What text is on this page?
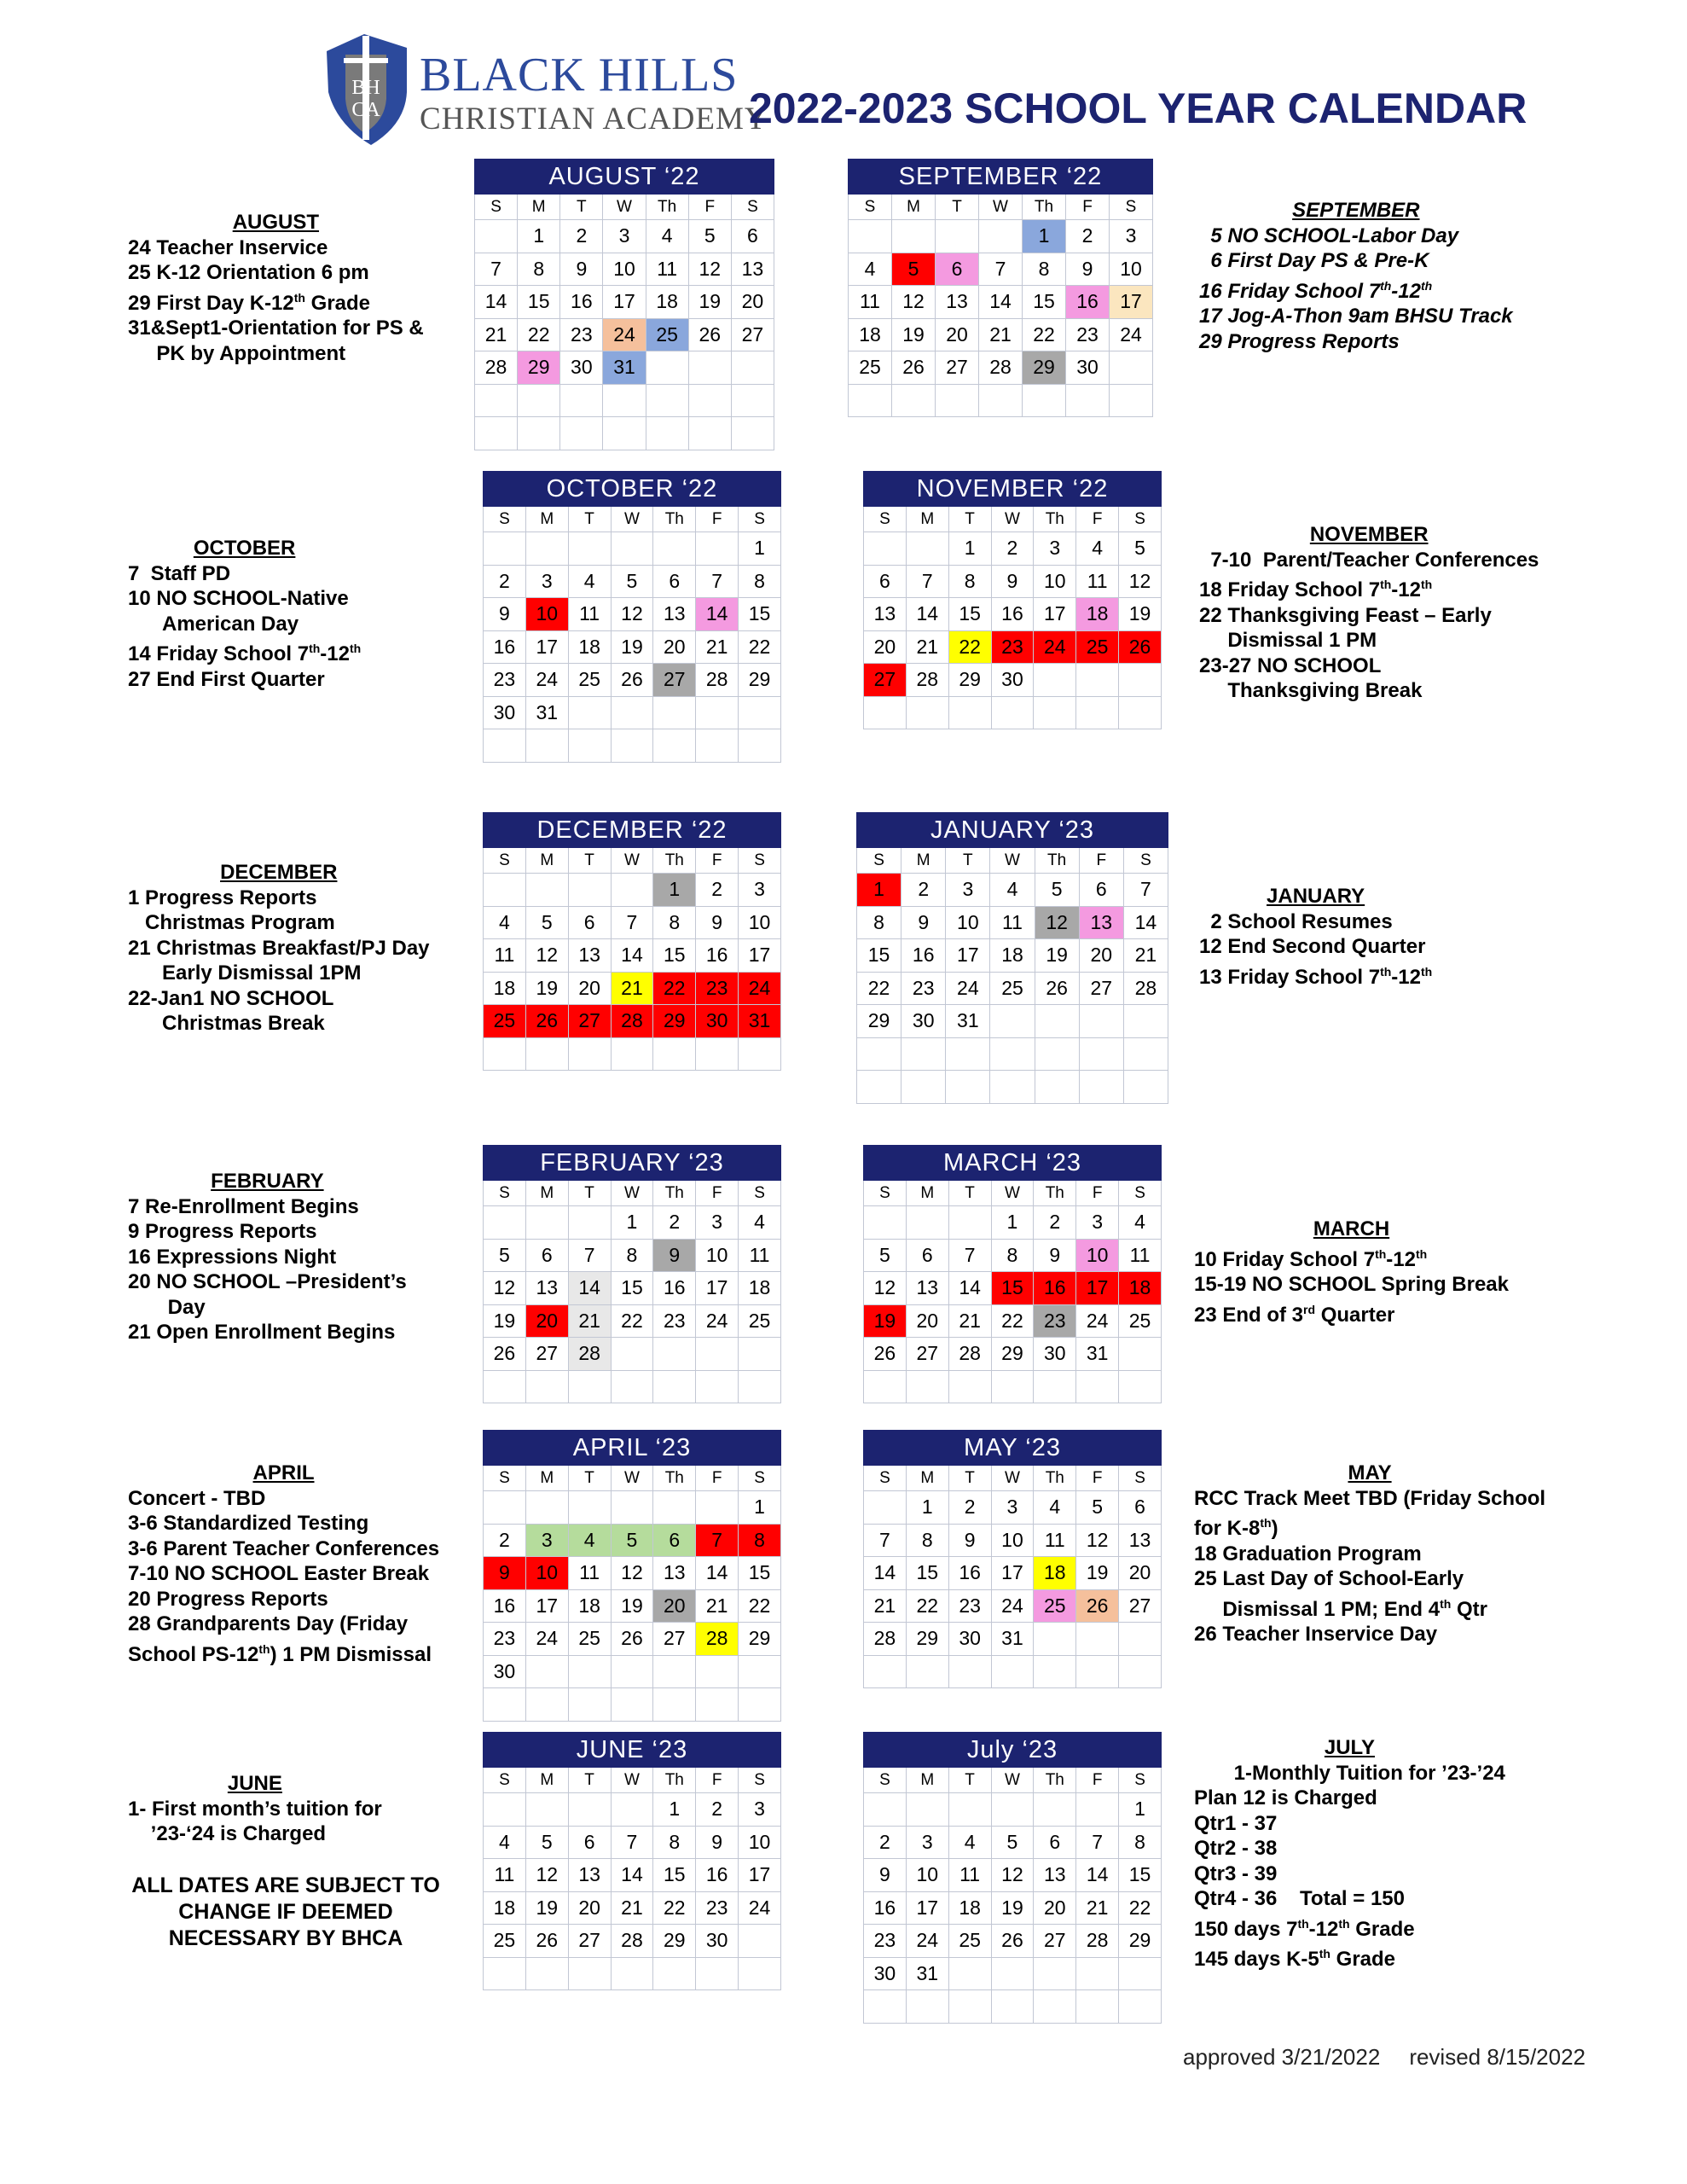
BH
CA
BLACK HILLS
CHRISTIAN ACADEMY
2022-2023 SCHOOL YEAR CALENDAR
AUGUST ‘22						
S	M	T	W	Th	F	S
	1	2	3	4	5	6
7	8	9	10	11	12	13
14	15	16	17	18	19	20
21	22	23	24	25	26	27
28	29	30	31			

SEPTEMBER ‘22						
S	M	T	W	Th	F	S
				1	2	3
4	5	6	7	8	9	10
11	12	13	14	15	16	17
18	19	20	21	22	23	24
25	26	27	28	29	30	

OCTOBER ‘22						
S	M	T	W	Th	F	S
						1
2	3	4	5	6	7	8
9	10	11	12	13	14	15
16	17	18	19	20	21	22
23	24	25	26	27	28	29
30	31					

NOVEMBER ‘22						
S	M	T	W	Th	F	S
		1	2	3	4	5
6	7	8	9	10	11	12
13	14	15	16	17	18	19
20	21	22	23	24	25	26
27	28	29	30			

DECEMBER ‘22						
S	M	T	W	Th	F	S
				1	2	3
4	5	6	7	8	9	10
11	12	13	14	15	16	17
18	19	20	21	22	23	24
25	26	27	28	29	30	31

JANUARY ‘23						
S	M	T	W	Th	F	S
1	2	3	4	5	6	7
8	9	10	11	12	13	14
15	16	17	18	19	20	21
22	23	24	25	26	27	28
29	30	31				

FEBRUARY ‘23						
S	M	T	W	Th	F	S
			1	2	3	4
5	6	7	8	9	10	11
12	13	14	15	16	17	18
19	20	21	22	23	24	25
26	27	28				

MARCH ‘23						
S	M	T	W	Th	F	S
			1	2	3	4
5	6	7	8	9	10	11
12	13	14	15	16	17	18
19	20	21	22	23	24	25
26	27	28	29	30	31	

APRIL ‘23						
S	M	T	W	Th	F	S
						1
2	3	4	5	6	7	8
9	10	11	12	13	14	15
16	17	18	19	20	21	22
23	24	25	26	27	28	29
30						

MAY ‘23						
S	M	T	W	Th	F	S
	1	2	3	4	5	6
7	8	9	10	11	12	13
14	15	16	17	18	19	20
21	22	23	24	25	26	27
28	29	30	31			

JUNE ‘23						
S	M	T	W	Th	F	S
				1	2	3
4	5	6	7	8	9	10
11	12	13	14	15	16	17
18	19	20	21	22	23	24
25	26	27	28	29	30	

July ‘23						
S	M	T	W	Th	F	S
						1
2	3	4	5	6	7	8
9	10	11	12	13	14	15
16	17	18	19	20	21	22
23	24	25	26	27	28	29
30	31					

AUGUST
24 Teacher Inservice
25 K-12 Orientation 6 pm
29 First Day K-12th Grade
31&Sept1-Orientation for PS &
PK by Appointment
SEPTEMBER
5 NO SCHOOL-Labor Day
6 First Day PS & Pre-K
16 Friday School 7th-12th
17 Jog-A-Thon 9am BHSU Track
29 Progress Reports
OCTOBER
7  Staff PD
10 NO SCHOOL-Native
American Day
14 Friday School 7th-12th
27 End First Quarter
NOVEMBER
7-10  Parent/Teacher Conferences
18 Friday School 7th-12th
22 Thanksgiving Feast – Early
Dismissal 1 PM
23-27 NO SCHOOL
Thanksgiving Break
DECEMBER
1 Progress Reports
Christmas Program
21 Christmas Breakfast/PJ Day
Early Dismissal 1PM
22-Jan1 NO SCHOOL
Christmas Break
JANUARY
2 School Resumes
12 End Second Quarter
13 Friday School 7th-12th
FEBRUARY
7 Re-Enrollment Begins
9 Progress Reports
16 Expressions Night
20 NO SCHOOL –President’s
Day
21 Open Enrollment Begins
MARCH
10 Friday School 7th-12th
15-19 NO SCHOOL Spring Break
23 End of 3rd Quarter
APRIL
Concert - TBD
3-6 Standardized Testing
3-6 Parent Teacher Conferences
7-10 NO SCHOOL Easter Break
20 Progress Reports
28 Grandparents Day (Friday
School PS-12th) 1 PM Dismissal
MAY
RCC Track Meet TBD (Friday School
for K-8th)
18 Graduation Program
25 Last Day of School-Early
Dismissal 1 PM; End 4th Qtr
26 Teacher Inservice Day
JUNE
1- First month’s tuition for
’23-‘24 is Charged
JULY
1-Monthly Tuition for ’23-’24
Plan 12 is Charged
Qtr1 - 37
Qtr2 - 38
Qtr3 - 39
Qtr4 - 36    Total = 150
150 days 7th-12th Grade
145 days K-5th Grade
ALL DATES ARE SUBJECT TO
CHANGE IF DEEMED
NECESSARY BY BHCA
approved 3/21/2022 revised 8/15/2022
